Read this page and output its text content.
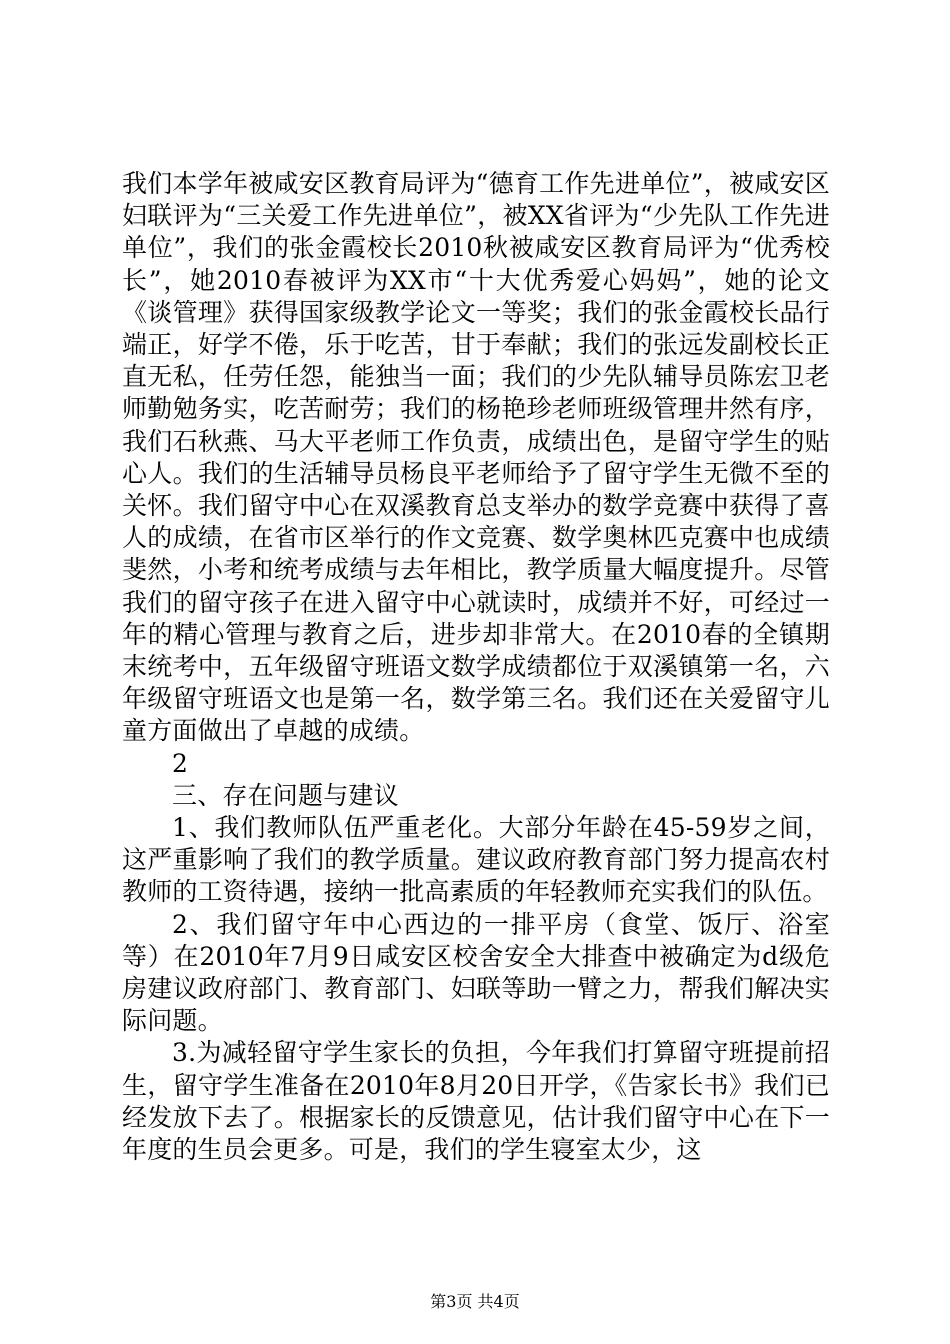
我们本学年被咸安区教育局评为“德育工作先进单位”，被咸安区妇联评为“三关爱工作先进单位”，被XX省评为“少先队工作先进单位”，我们的张金霞校长2010秋被咸安区教育局评为“优秀校长”，她2010春被评为XX市“十大优秀爱心妈妈”，她的论文《谈管理》获得国家级教学论文一等奖；我们的张金霞校长品行端正，好学不倦，乐于吃苦，甘于奉献；我们的张远发副校长正直无私，任劳任怨，能独当一面；我们的少先队辅导员陈宏卫老师勤勉务实，吃苦耐劳；我们的杨艳珍老师班级管理井然有序，我们石秋燕、马大平老师工作负责，成绩出色，是留守学生的贴心人。我们的生活辅导员杨良平老师给予了留守学生无微不至的关怀。我们留守中心在双溪教育总支举办的数学竞赛中获得了喜人的成绩，在省市区举行的作文竞赛、数学奥林匹克赛中也成绩斐然，小考和统考成绩与去年相比，教学质量大幅度提升。尽管我们的留守孩子在进入留守中心就读时，成绩并不好，可经过一年的精心管理与教育之后，进步却非常大。在2010春的全镇期末统考中，五年级留守班语文数学成绩都位于双溪镇第一名，六年级留守班语文也是第一名，数学第三名。我们还在关爱留守儿童方面做出了卓越的成绩。

2

三、存在问题与建议

1、我们教师队伍严重老化。大部分年龄在45-59岁之间，这严重影响了我们的教学质量。建议政府教育部门努力提高农村教师的工资待遇，接纳一批高素质的年轻教师充实我们的队伍。

2、我们留守年中心西边的一排平房（食堂、饭厅、浴室等）在2010年7月9日咸安区校舍安全大排查中被确定为d级危房建议政府部门、教育部门、妇联等助一臂之力，帮我们解决实际问题。

3.为减轻留守学生家长的负担，今年我们打算留守班提前招生，留守学生准备在2010年8月20日开学，《告家长书》我们已经发放下去了。根据家长的反馈意见，估计我们留守中心在下一年度的生员会更多。可是，我们的学生寝室太少，这

第3页 共4页
